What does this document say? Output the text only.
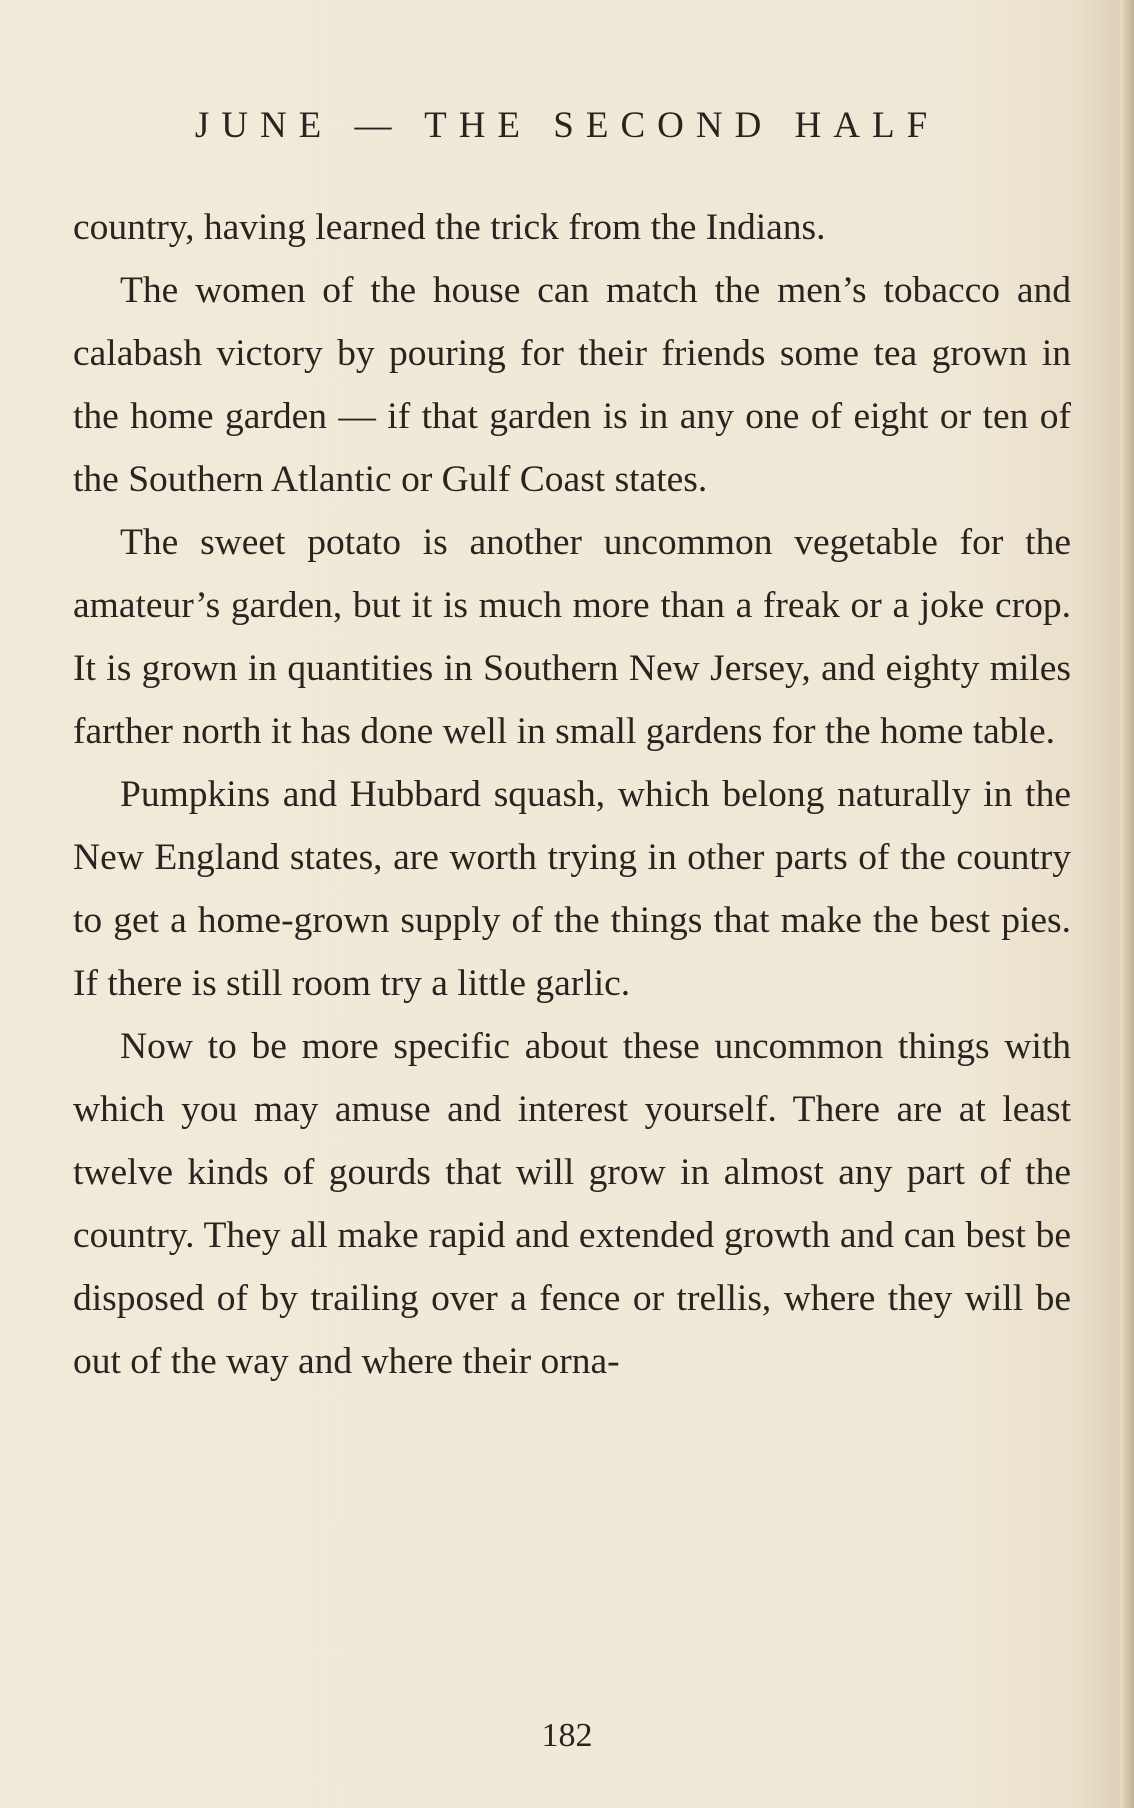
JUNE — THE SECOND HALF

country, having learned the trick from the Indians.

The women of the house can match the men’s tobacco and calabash victory by pouring for their friends some tea grown in the home garden — if that garden is in any one of eight or ten of the Southern Atlantic or Gulf Coast states.

The sweet potato is another uncommon vegetable for the amateur’s garden, but it is much more than a freak or a joke crop. It is grown in quantities in Southern New Jersey, and eighty miles farther north it has done well in small gardens for the home table.

Pumpkins and Hubbard squash, which belong naturally in the New England states, are worth trying in other parts of the country to get a home-grown supply of the things that make the best pies. If there is still room try a little garlic.

Now to be more specific about these uncommon things with which you may amuse and interest yourself. There are at least twelve kinds of gourds that will grow in almost any part of the country. They all make rapid and extended growth and can best be disposed of by trailing over a fence or trellis, where they will be out of the way and where their orna-

182
